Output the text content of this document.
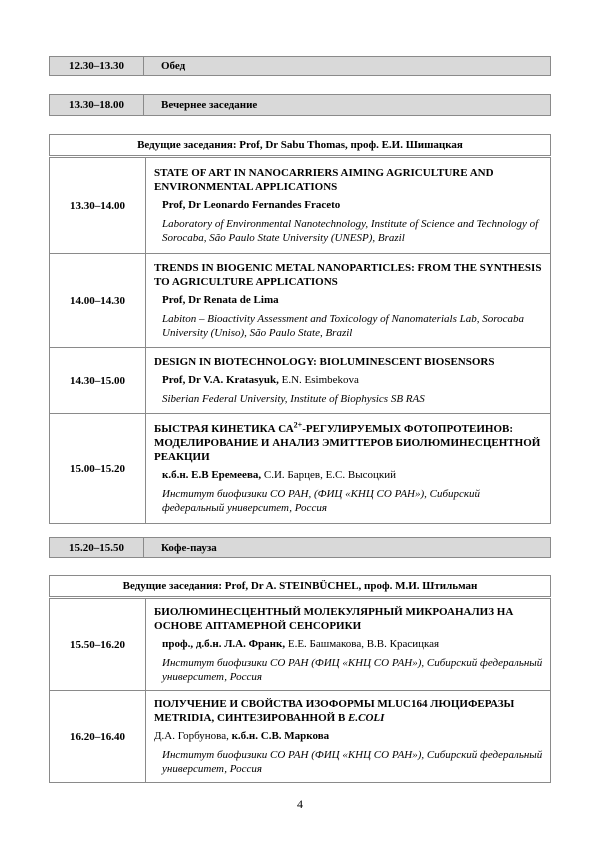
12.30–13.30	Обед
13.30–18.00	Вечернее заседание
Ведущие заседания: Prof, Dr Sabu Thomas, проф. Е.И. Шишацкая
13.30–14.00	STATE OF ART IN NANOCARRIERS AIMING AGRICULTURE AND ENVIRONMENTAL APPLICATIONS
Prof, Dr Leonardo Fernandes Fraceto
Laboratory of Environmental Nanotechnology, Institute of Science and Technology of Sorocaba, São Paulo State University (UNESP), Brazil

14.00–14.30	TRENDS IN BIOGENIC METAL NANOPARTICLES: FROM THE SYNTHESIS TO AGRICULTURE APPLICATIONS
Prof, Dr Renata de Lima
Labiton – Bioactivity Assessment and Toxicology of Nanomaterials Lab, Sorocaba University (Uniso), São Paulo State, Brazil

14.30–15.00	DESIGN IN BIOTECHNOLOGY: BIOLUMINESCENT BIOSENSORS
Prof, Dr V.A. Kratasyuk, E.N. Esimbekova
Siberian Federal University, Institute of Biophysics SB RAS

15.00–15.20	БЫСТРАЯ КИНЕТИКА $СА^{2+}$-РЕГУЛИРУЕМЫХ ФОТОПРОТЕИНОВ: МОДЕЛИРОВАНИЕ И АНАЛИЗ ЭМИТТЕРОВ БИОЛЮМИНЕСЦЕНТНОЙ РЕАКЦИИ
к.б.н. Е.В Еремеева, С.И. Барцев, Е.С. Высоцкий
Институт биофизики СО РАН, (ФИЦ «КНЦ СО РАН»), Сибирский федеральный университет, Россия
15.20–15.50	Кофе-пауза
Ведущие заседания: Prof, Dr A. STEINBÜCHEL, проф. М.И. Штильман
15.50–16.20	БИОЛЮМИНЕСЦЕНТНЫЙ МОЛЕКУЛЯРНЫЙ МИКРОАНАЛИЗ НА ОСНОВЕ АПТАМЕРНОЙ СЕНСОРИКИ
проф., д.б.н. Л.А. Франк, Е.Е. Башмакова, В.В. Красицкая
Институт биофизики СО РАН (ФИЦ «КНЦ СО РАН»), Сибирский федеральный университет, Россия

16.20–16.40	ПОЛУЧЕНИЕ И СВОЙСТВА ИЗОФОРМЫ MLUC164 ЛЮЦИФЕРАЗЫ METRIDIA, СИНТЕЗИРОВАННОЙ В E.COLI
Д.А. Горбунова, к.б.н. С.В. Маркова
Институт биофизики СО РАН (ФИЦ «КНЦ СО РАН»), Сибирский федеральный университет, Россия
4
